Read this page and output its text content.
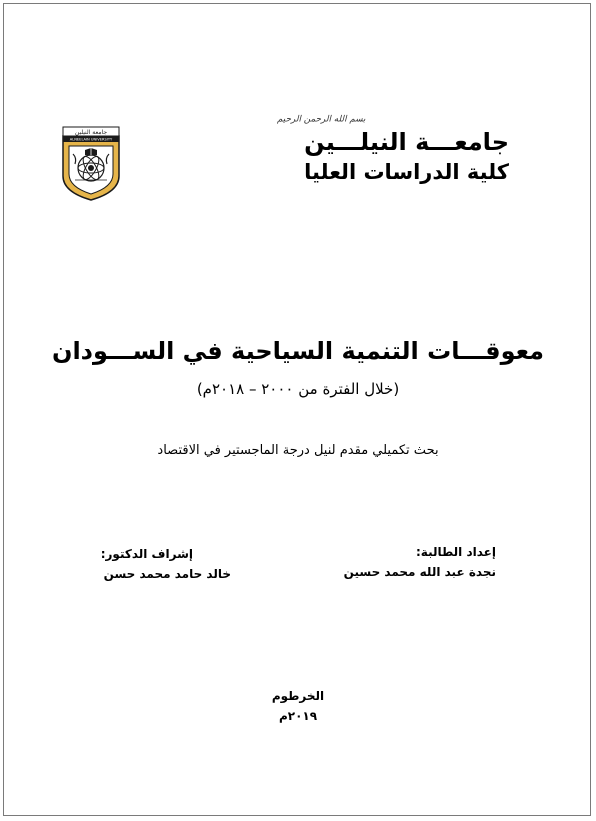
بسم الله الرحمن الرحيم
جامعـــة النيلـــين
كلية الدراسات العليا
جامعة النيلين
ALNEELAIN UNIVERSITY
معوقـــات التنمية السياحية في الســـودان
(خلال الفترة من ٢٠٠٠ – ٢٠١٨م)
بحث تكميلي مقدم لنيل درجة الماجستير في الاقتصاد
إعداد الطالبة:
نجدة عبد الله محمد حسين
إشراف الدكتور:
خالد حامد محمد حسن
الخرطوم
٢٠١٩م
